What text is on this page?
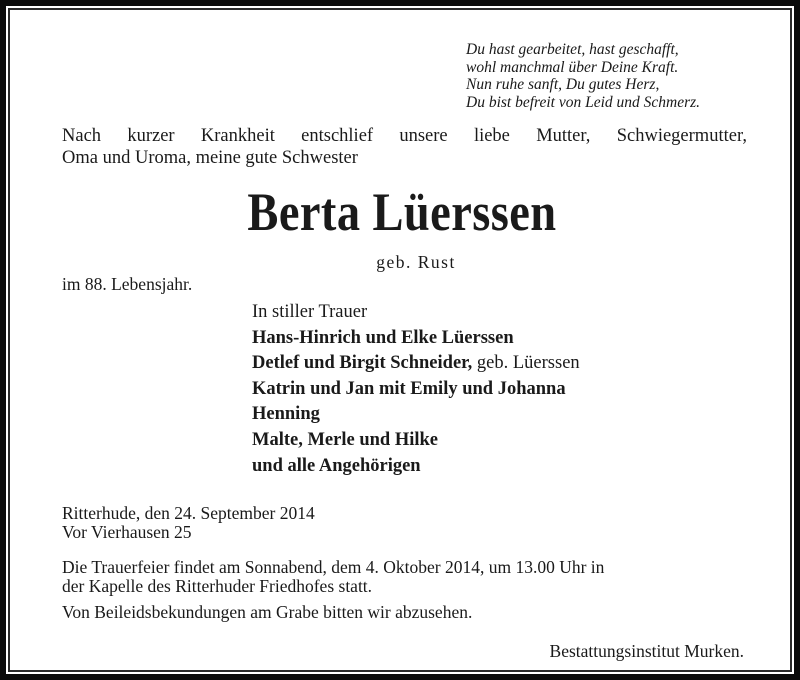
Du hast gearbeitet, hast geschafft,
wohl manchmal über Deine Kraft.
Nun ruhe sanft, Du gutes Herz,
Du bist befreit von Leid und Schmerz.
Nach kurzer Krankheit entschlief unsere liebe Mutter, Schwiegermutter,
Oma und Uroma, meine gute Schwester
Berta Lüerssen
geb. Rust
im 88. Lebensjahr.
In stiller Trauer
Hans-Hinrich und Elke Lüerssen
Detlef und Birgit Schneider, geb. Lüerssen
Katrin und Jan mit Emily und Johanna
Henning
Malte, Merle und Hilke
und alle Angehörigen
Ritterhude, den 24. September 2014
Vor Vierhausen 25
Die Trauerfeier findet am Sonnabend, dem 4. Oktober 2014, um 13.00 Uhr in
der Kapelle des Ritterhuder Friedhofes statt.
Von Beileidsbekundungen am Grabe bitten wir abzusehen.
Bestattungsinstitut Murken.
